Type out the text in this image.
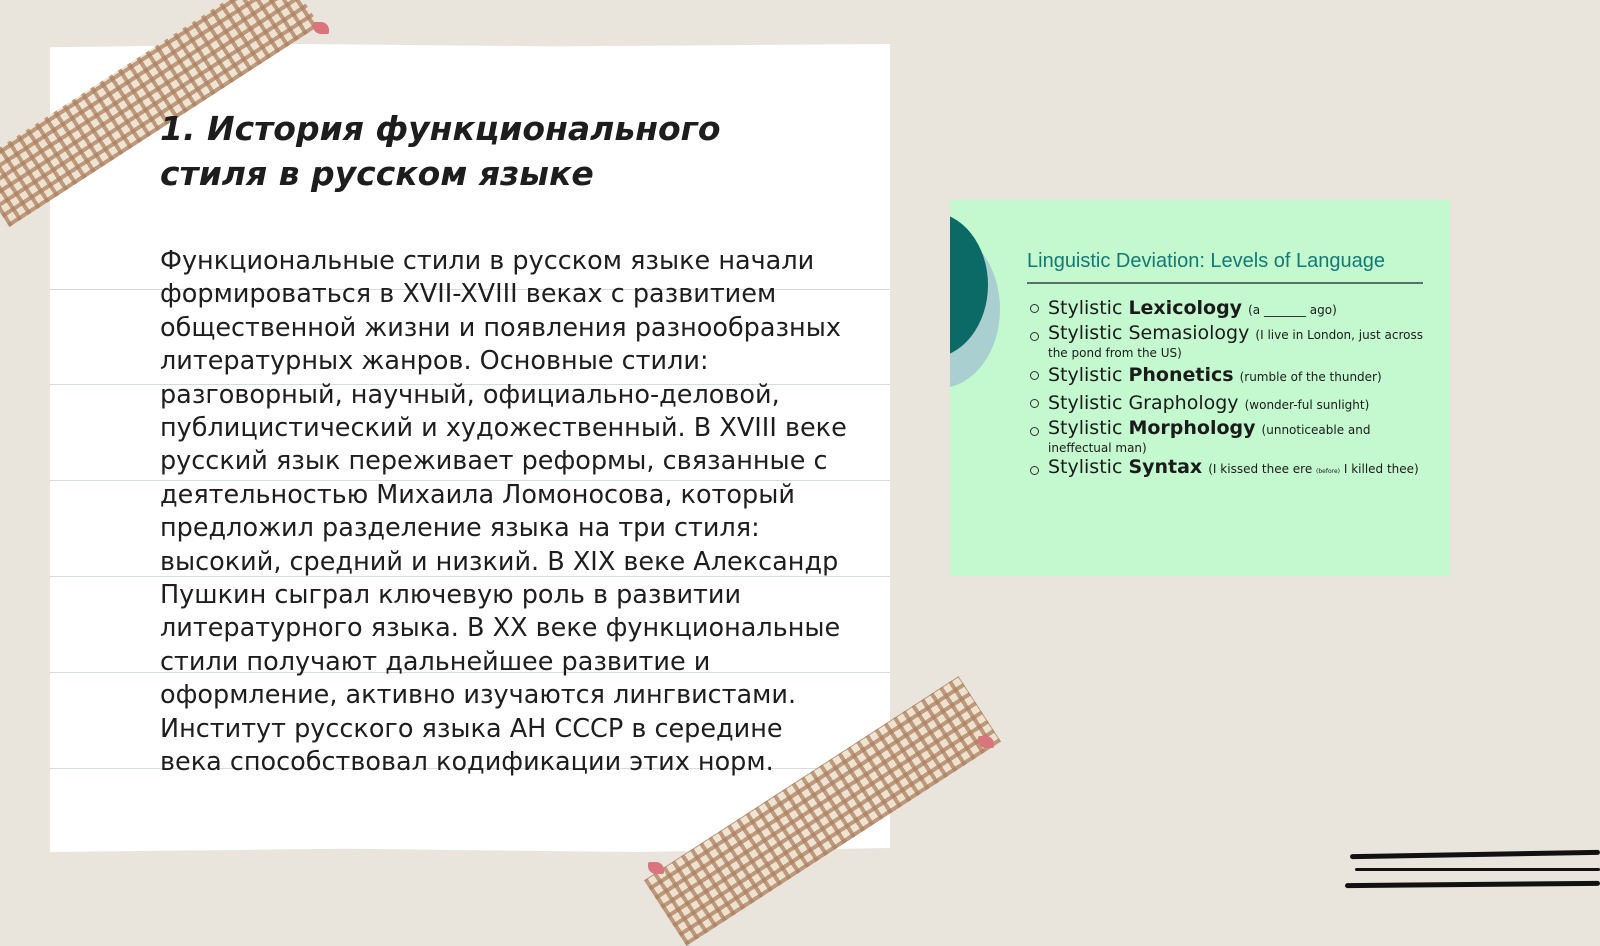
1. История функционального
стиля в русском языке

Функциональные стили в русском языке начали формироваться в XVII-XVIII веках с развитием общественной жизни и появления разнообразных литературных жанров. Основные стили: разговорный, научный, официально-деловой, публицистический и художественный. В XVIII веке русский язык переживает реформы, связанные с деятельностью Михаила Ломоносова, который предложил разделение языка на три стиля: высокий, средний и низкий. В XIX веке Александр Пушкин сыграл ключевую роль в развитии литературного языка. В XX веке функциональные стили получают дальнейшее развитие и оформление, активно изучаются лингвистами. Институт русского языка АН СССР в середине века способствовал кодификации этих норм.

Linguistic Deviation: Levels of Language
Stylistic Lexicology (a _______ ago)
Stylistic Semasiology (I live in London, just across the pond from the US)
Stylistic Phonetics (rumble of the thunder)
Stylistic Graphology (wonder-ful sunlight)
Stylistic Morphology (unnoticeable and ineffectual man)
Stylistic Syntax (I kissed thee ere (before) I killed thee)
